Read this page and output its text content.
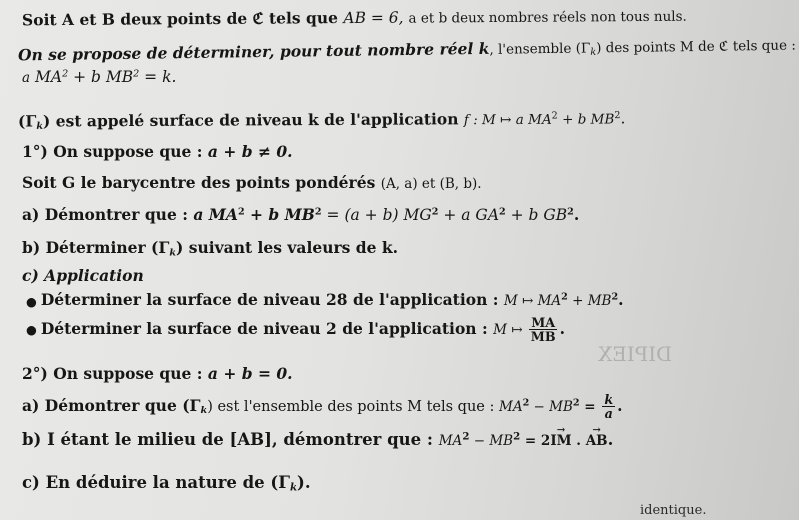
Soit A et B deux points de ℭ tels que AB = 6, a et b deux nombres réels non tous nuls.
On se propose de déterminer, pour tout nombre réel k, l'ensemble $(\Gamma_k)$ des points M de ℭ tels que :
a $MA^2 + b$ $MB^2 = k$.
$(\Gamma_k)$ est appelé surface de niveau k de l'application f : M ↦ a $MA^2 + b$ $MB^2$.
1°) On suppose que : a + b ≠ 0.
Soit G le barycentre des points pondérés (A, a) et (B, b).
a) Démontrer que : a $MA^2 + b$ $MB^2 = (a + b) MG^2 + a$ $GA^2 + b$ $GB^2$.
b) Déterminer $(\Gamma_k)$ suivant les valeurs de k.
c) Application
● Déterminer la surface de niveau 28 de l'application : M ↦ $MA^2 + MB^2$.
● Déterminer la surface de niveau 2 de l'application : M ↦ $\frac{MA}{MB}$ .
2°) On suppose que : a + b = 0.
DIPIEX
a) Démontrer que $(\Gamma_k)$ est l'ensemble des points M tels que : $MA^2 - MB^2 = \frac{k}{a}$ .
b) I étant le milieu de [AB], démontrer que : $MA^2 - MB^2 = 2\to$ IM . → AB.
c) En déduire la nature de $(\Gamma_k)$.
identique.
